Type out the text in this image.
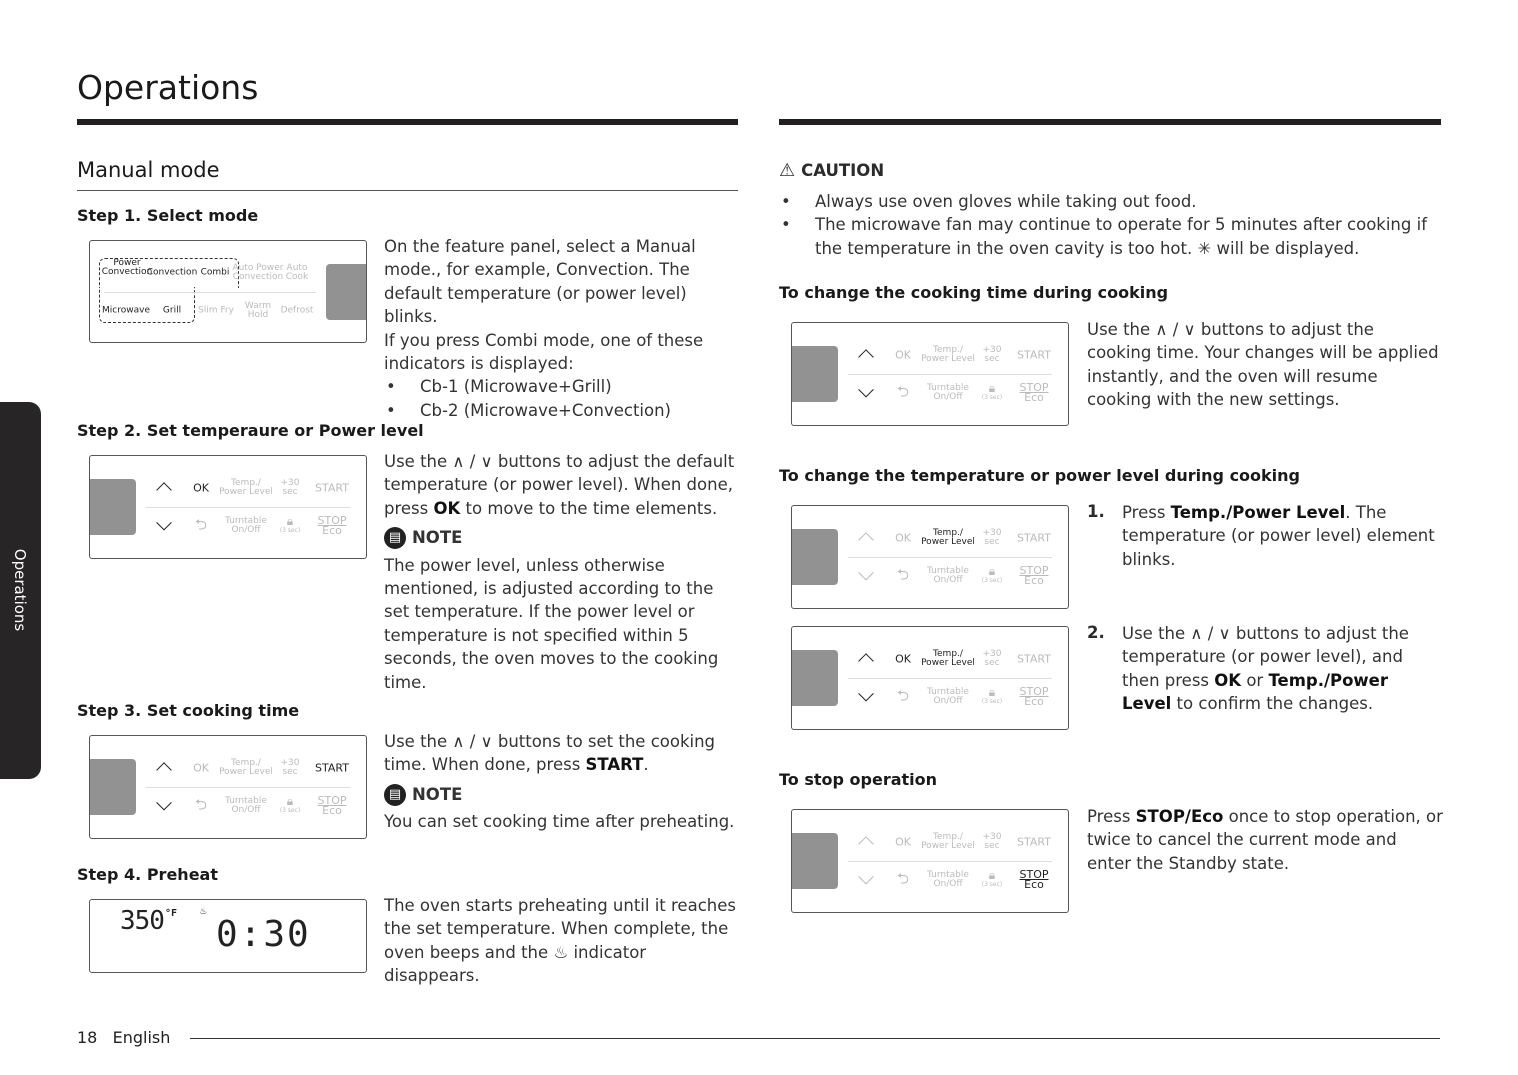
Operations
Operations
Manual mode
Step 1. Select mode
Power
Convection
Convection Combi Auto Power
Convection
Auto
Cook
Microwave Grill Slim Fry Warm
Hold	Defrost
On the feature panel, select a Manual mode., for example, Convection. The default temperature (or power level) blinks.
If you press Combi mode, one of these indicators is displayed:
• Cb-1 (Microwave+Grill)
• Cb-2 (Microwave+Convection)
Step 2. Set temperaure or Power level
OK	Temp./
Power Level
+30
sec START
⮌ Turntable
On/Off
🔒︎
(3 sec)
STOP
Eco
Use the ∧ / ∨ buttons to adjust the default temperature (or power level). When done, press OK to move to the time elements.
▤ NOTE
The power level, unless otherwise mentioned, is adjusted according to the set temperature. If the power level or temperature is not specified within 5 seconds, the oven moves to the cooking time.
Step 3. Set cooking time
OK	Temp./
Power Level
+30
sec START
⮌ Turntable
On/Off
🔒︎
(3 sec)
STOP
Eco
Use the ∧ / ∨ buttons to set the cooking time. When done, press START.
▤ NOTE
You can set cooking time after preheating.
Step 4. Preheat
350 °F ♨
0:30
The oven starts preheating until it reaches the set temperature. When complete, the oven beeps and the ♨ indicator disappears.
⚠ CAUTION
• Always use oven gloves while taking out food.
• The microwave fan may continue to operate for 5 minutes after cooking if the temperature in the oven cavity is too hot. ✳ will be displayed.
To change the cooking time during cooking
OK	Temp./
Power Level
+30
sec START
⮌ Turntable
On/Off
🔒︎
(3 sec)
STOP
Eco
Use the ∧ / ∨ buttons to adjust the cooking time. Your changes will be applied instantly, and the oven will resume cooking with the new settings.
To change the temperature or power level during cooking
OK	Temp./
Power Level
+30
sec START
⮌ Turntable
On/Off
🔒︎
(3 sec)
STOP
Eco
OK	Temp./
Power Level
+30
sec START
⮌ Turntable
On/Off
🔒︎
(3 sec)
STOP
Eco
1. Press Temp./Power Level. The temperature (or power level) element blinks.
2. Use the ∧ / ∨ buttons to adjust the temperature (or power level), and then press OK or Temp./Power Level to confirm the changes.
To stop operation
OK	Temp./
Power Level
+30
sec START
⮌ Turntable
On/Off
🔒︎
(3 sec)
STOP
Eco
Press STOP/Eco once to stop operation, or twice to cancel the current mode and enter the Standby state.
18 English
